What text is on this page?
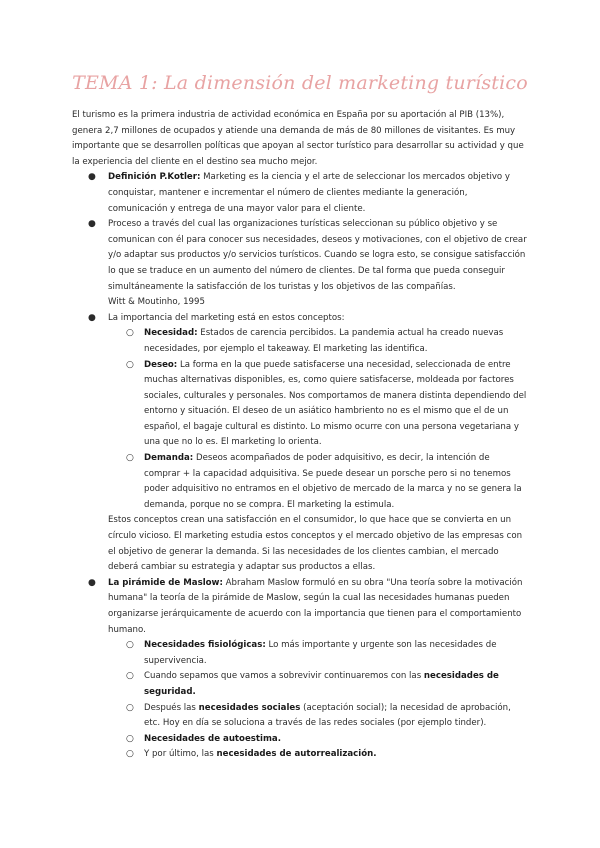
TEMA 1: La dimensión del marketing turístico

El turismo es la primera industria de actividad económica en España por su aportación al PIB (13%), genera 2,7 millones de ocupados y atiende una demanda de más de 80 millones de visitantes. Es muy importante que se desarrollen políticas que apoyan al sector turístico para desarrollar su actividad y que la experiencia del cliente en el destino sea mucho mejor.

● Definición P.Kotler: Marketing es la ciencia y el arte de seleccionar los mercados objetivo y conquistar, mantener e incrementar el número de clientes mediante la generación, comunicación y entrega de una mayor valor para el cliente.
● Proceso a través del cual las organizaciones turísticas seleccionan su público objetivo y se comunican con él para conocer sus necesidades, deseos y motivaciones, con el objetivo de crear y/o adaptar sus productos y/o servicios turísticos. Cuando se logra esto, se consigue satisfacción lo que se traduce en un aumento del número de clientes. De tal forma que pueda conseguir simultáneamente la satisfacción de los turistas y los objetivos de las compañías.
Witt & Moutinho, 1995
● La importancia del marketing está en estos conceptos:
○ Necesidad: Estados de carencia percibidos. La pandemia actual ha creado nuevas necesidades, por ejemplo el takeaway. El marketing las identifica.
○ Deseo: La forma en la que puede satisfacerse una necesidad, seleccionada de entre muchas alternativas disponibles, es, como quiere satisfacerse, moldeada por factores sociales, culturales y personales. Nos comportamos de manera distinta dependiendo del entorno y situación. El deseo de un asiático hambriento no es el mismo que el de un español, el bagaje cultural es distinto. Lo mismo ocurre con una persona vegetariana y una que no lo es. El marketing lo orienta.
○ Demanda: Deseos acompañados de poder adquisitivo, es decir, la intención de comprar + la capacidad adquisitiva. Se puede desear un porsche pero si no tenemos poder adquisitivo no entramos en el objetivo de mercado de la marca y no se genera la demanda, porque no se compra. El marketing la estimula.

Estos conceptos crean una satisfacción en el consumidor, lo que hace que se convierta en un círculo vicioso. El marketing estudia estos conceptos y el mercado objetivo de las empresas con el objetivo de generar la demanda. Si las necesidades de los clientes cambian, el mercado deberá cambiar su estrategia y adaptar sus productos a ellas.

● La pirámide de Maslow: Abraham Maslow formuló en su obra "Una teoría sobre la motivación humana" la teoría de la pirámide de Maslow, según la cual las necesidades humanas pueden organizarse jerárquicamente de acuerdo con la importancia que tienen para el comportamiento humano.
○ Necesidades fisiológicas: Lo más importante y urgente son las necesidades de supervivencia.
○ Cuando sepamos que vamos a sobrevivir continuaremos con las necesidades de seguridad.
○ Después las necesidades sociales (aceptación social); la necesidad de aprobación, etc. Hoy en día se soluciona a través de las redes sociales (por ejemplo tinder).
○ Necesidades de autoestima.
○ Y por último, las necesidades de autorrealización.
